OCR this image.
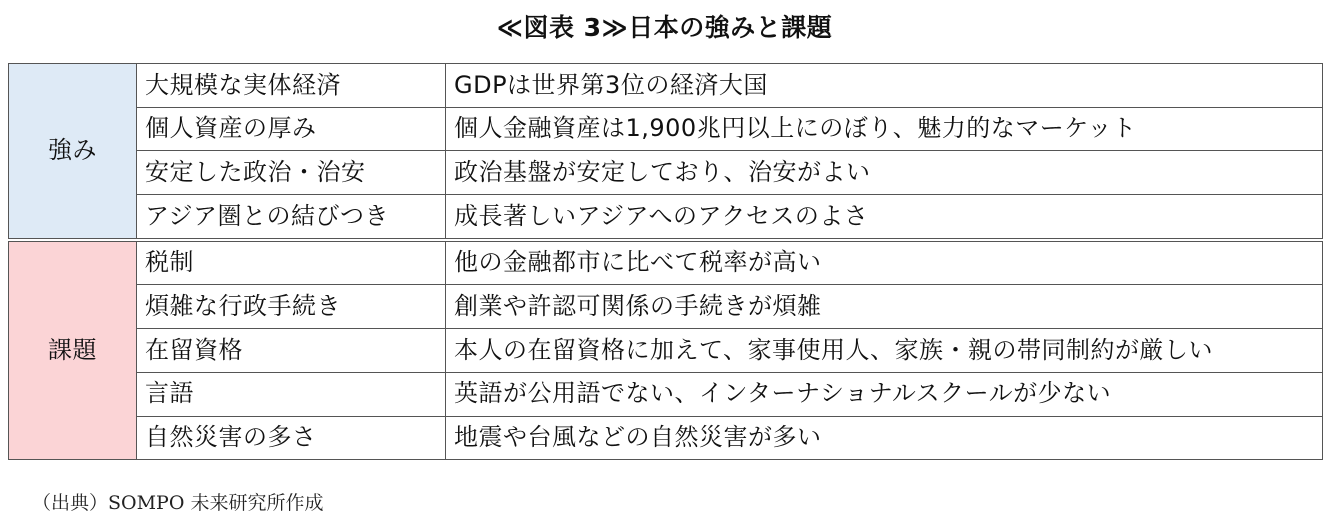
≪図表 3≫日本の強みと課題
強み	大規模な実体経済	GDPは世界第3位の経済大国
	個人資産の厚み	個人金融資産は1,900兆円以上にのぼり、魅力的なマーケット
	安定した政治・治安	政治基盤が安定しており、治安がよい
	アジア圏との結びつき	成長著しいアジアへのアクセスのよさ
課題	税制	他の金融都市に比べて税率が高い
	煩雑な行政手続き	創業や許認可関係の手続きが煩雑
	在留資格	本人の在留資格に加えて、家事使用人、家族・親の帯同制約が厳しい
	言語	英語が公用語でない、インターナショナルスクールが少ない
	自然災害の多さ	地震や台風などの自然災害が多い
（出典）SOMPO 未来研究所作成
